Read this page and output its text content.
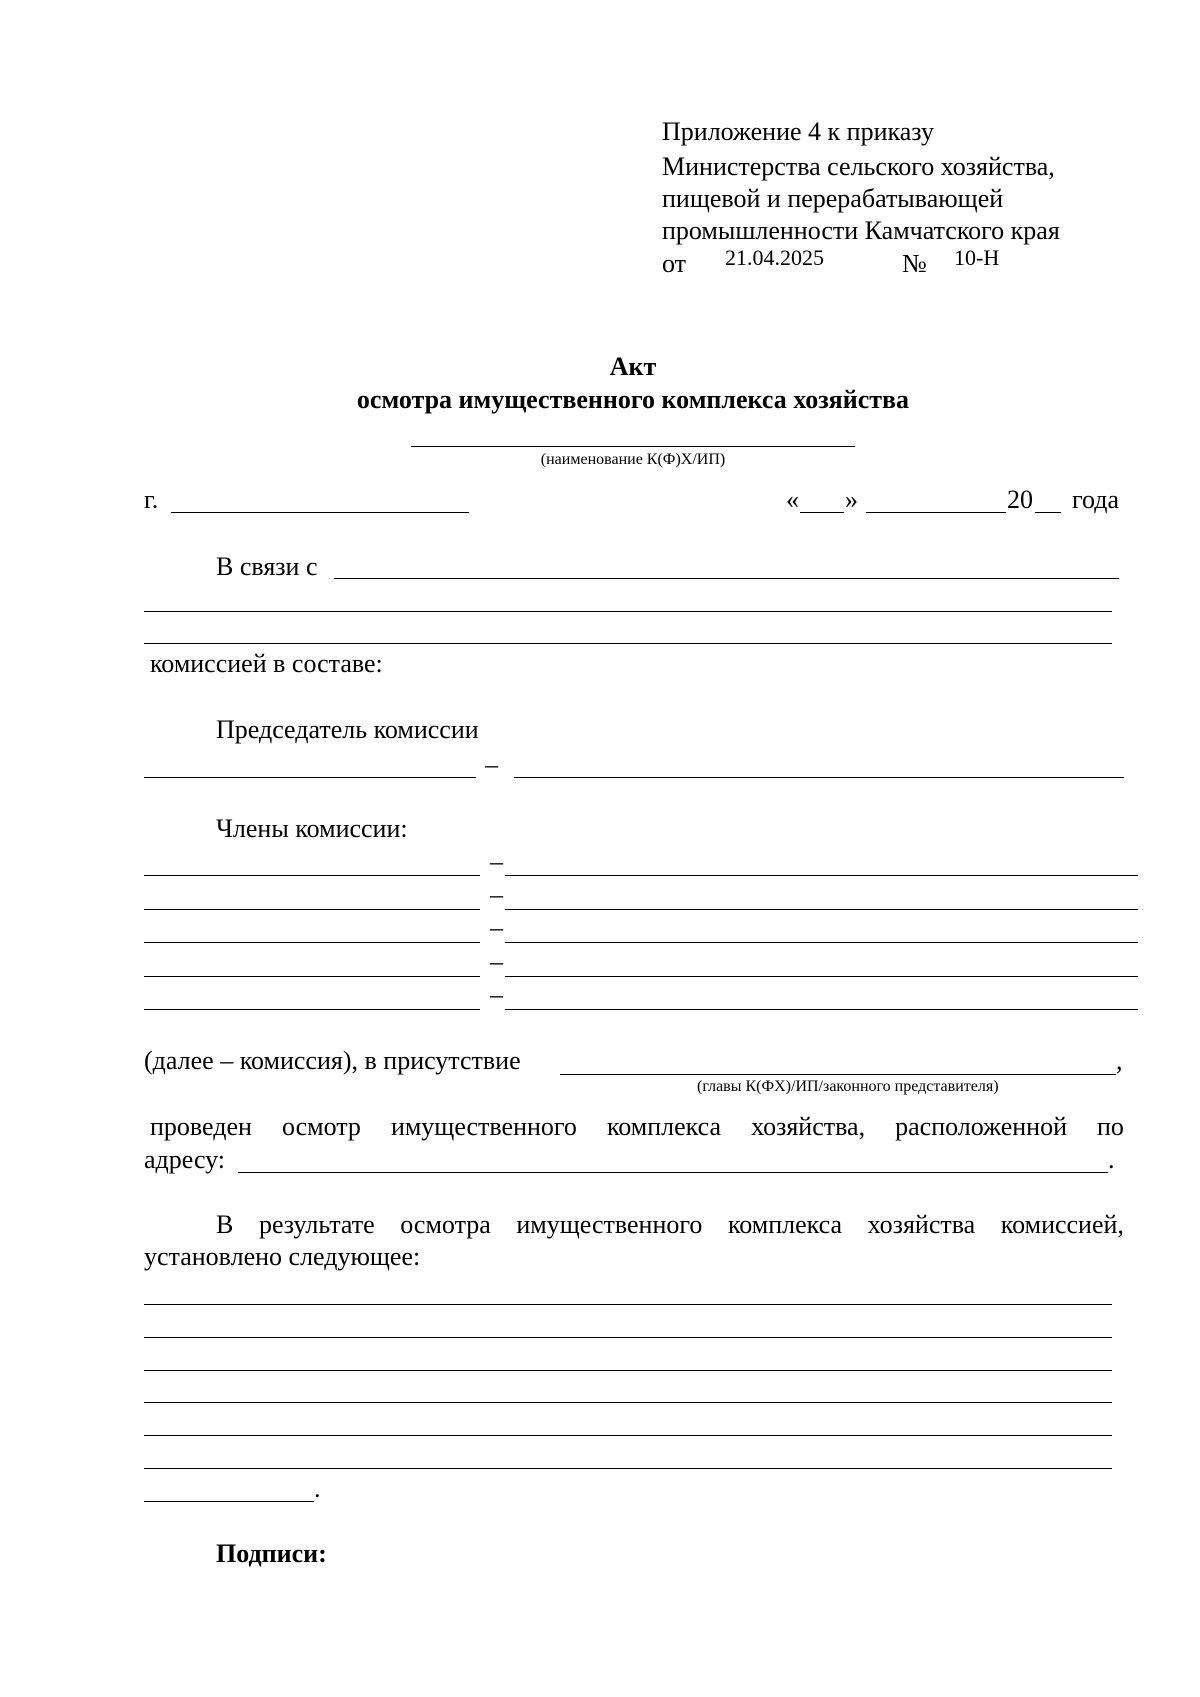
Приложение 4 к приказу
Министерства сельского хозяйства,
пищевой и перерабатывающей
промышленности Камчатского края
от 21.04.2025	№ 10-Н
Акт
осмотра имущественного комплекса хозяйства
(наименование К(Ф)Х/ИП)
г.	« »	20 года
В связи с
комиссией в составе:
Председатель комиссии
–
Члены комиссии:
–
–
–
–
–
(далее – комиссия), в присутствие	,
(главы К(ФХ)/ИП/законного представителя)
проведен осмотр имущественного комплекса хозяйства, расположенной по
адресу:	.
В результате осмотра имущественного комплекса хозяйства комиссией,
установлено следующее:
.
Подписи:
